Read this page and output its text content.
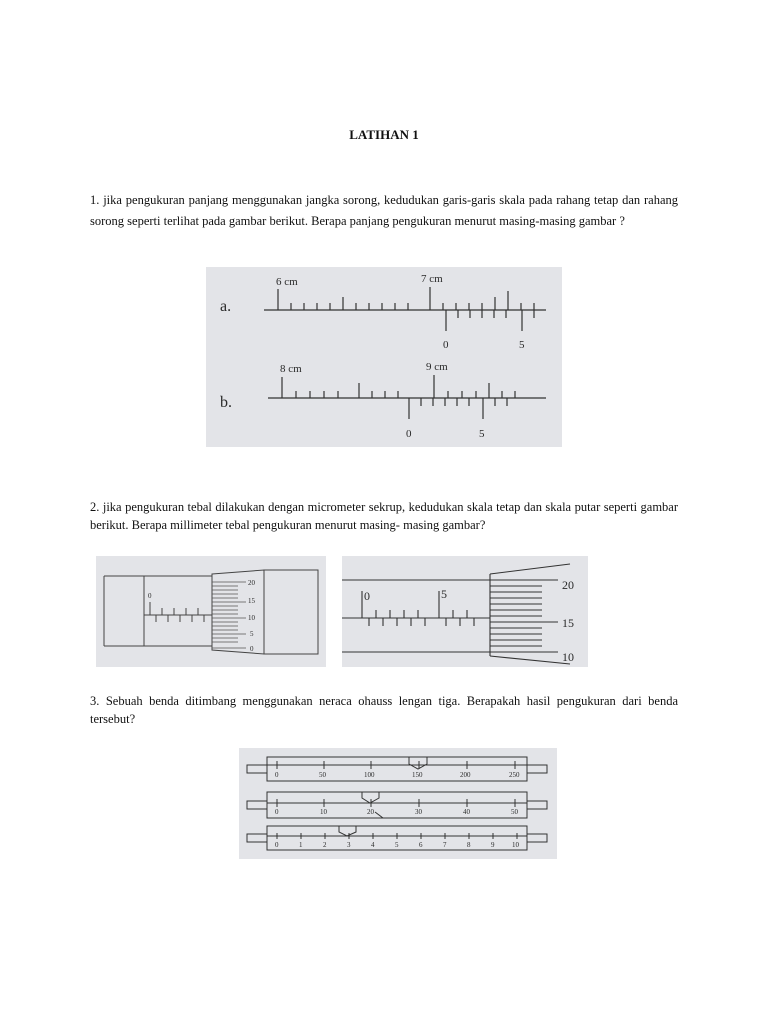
LATIHAN 1

1. jika pengukuran panjang menggunakan jangka sorong, kedudukan garis-garis skala pada rahang tetap dan rahang sorong seperti terlihat pada gambar berikut. Berapa panjang pengukuran menurut masing-masing gambar ?

a.
6 cm	7 cm
0	5
b.
8 cm	9 cm
0	5

2. jika pengukuran tebal dilakukan dengan micrometer sekrup, kedudukan skala tetap dan skala putar seperti gambar berikut. Berapa millimeter tebal pengukuran menurut masing- masing gambar?

0
20
15
10
5
0
0	5
20
15
10

3. Sebuah benda ditimbang menggunakan neraca ohauss lengan tiga. Berapakah hasil pengukuran dari benda tersebut?

0	50	100	150	200	250
0	10	20	30	40	50
0	1	2	3	4	5	6	7	8	9	10
